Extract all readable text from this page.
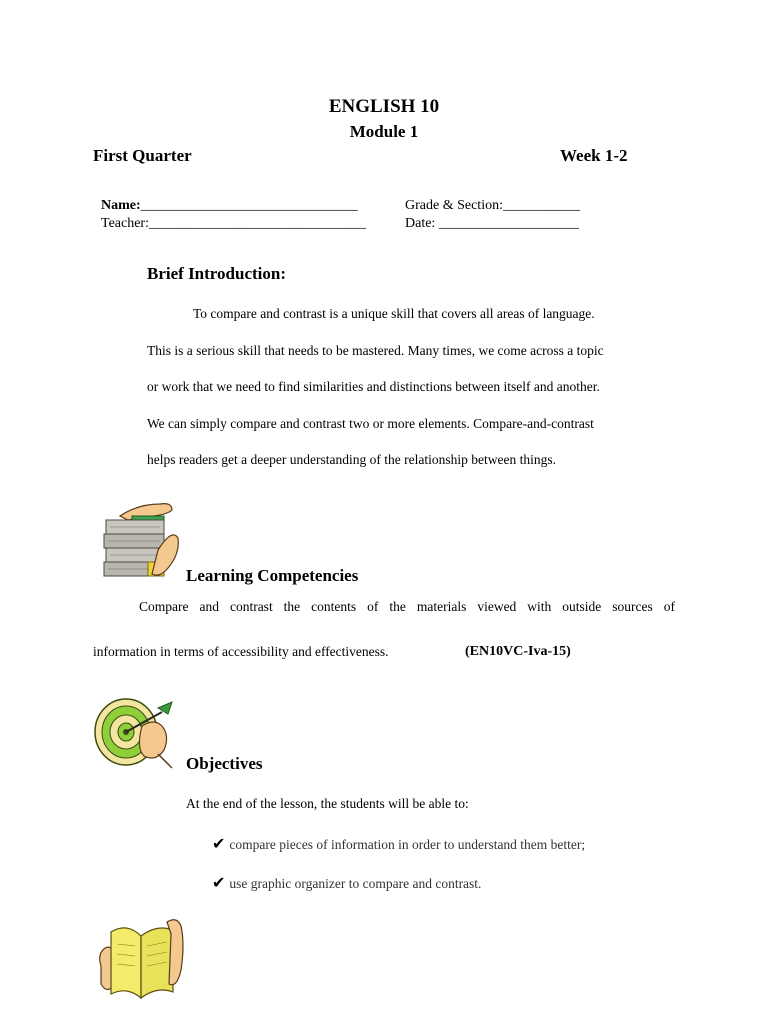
ENGLISH 10
Module 1
First Quarter	Week 1-2
Name:_______________________________	Grade & Section:___________
Teacher:_______________________________	Date: ____________________
Brief Introduction:
To compare and contrast is a unique skill that covers all areas of language.
This is a serious skill that needs to be mastered. Many times, we come across a topic
or work that we need to find similarities and distinctions between itself and another.
We can simply compare and contrast two or more elements. Compare-and-contrast
helps readers get a deeper understanding of the relationship between things.
Learning Competencies
Compare and contrast the contents of the materials viewed with outside sources of
information in terms of accessibility and effectiveness.	(EN10VC-Iva-15)
Objectives
At the end of the lesson, the students will be able to:
✔ compare pieces of information in order to understand them better;
✔ use graphic organizer to compare and contrast.
